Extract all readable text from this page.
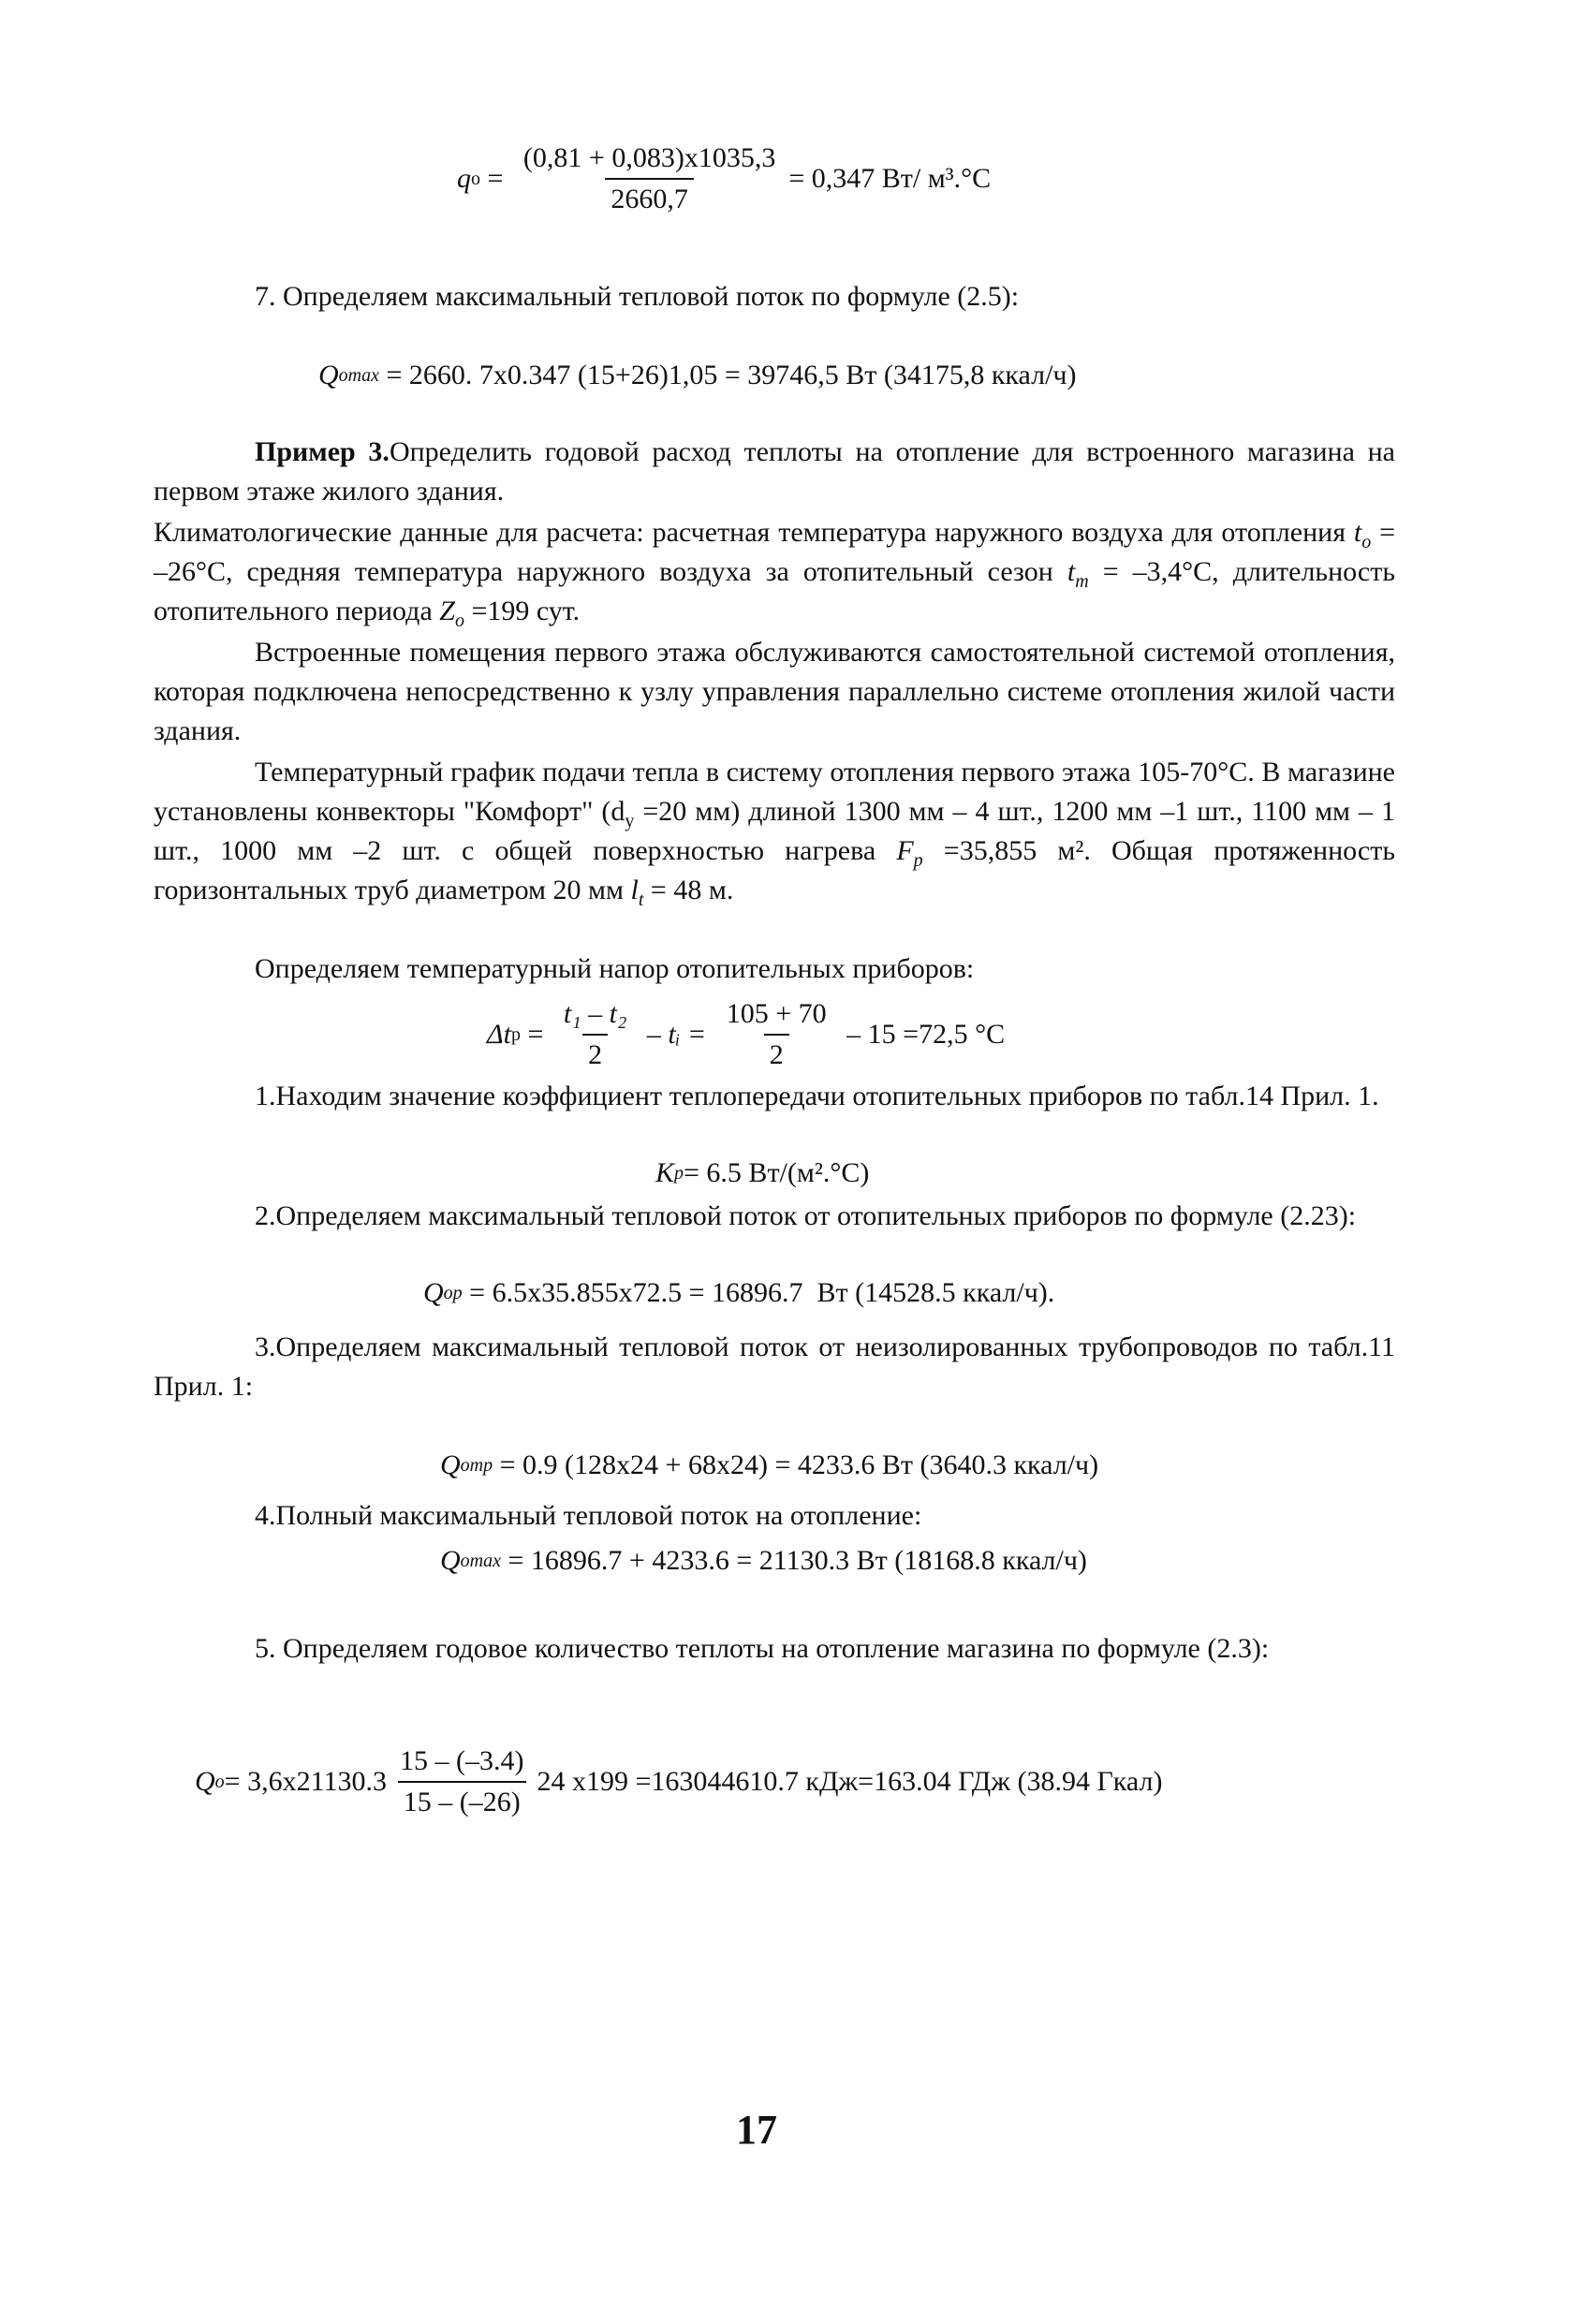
q $o = \frac{(0,81 + 0,083)x1035,3}{2660,7} = 0,347$ Вт/ м³.°С
7. Определяем максимальный тепловой поток по формуле (2.5):
Q omax = 2660. 7х0.347 (15+26)1,05 = 39746,5 Вт (34175,8 ккал/ч)
Пример 3.Определить годовой расход теплоты на отопление для встроенного магазина на первом этаже жилого здания.
Климатологические данные для расчета: расчетная температура наружного воздуха для отопления $t_o = -26^\circ С$, средняя температура наружного воздуха за отопительный сезон $t_m = -3,4^\circ С$, длительность отопительного периода $Z_o =199$ сут.
Встроенные помещения первого этажа обслуживаются самостоятельной системой отопления, которая подключена непосредственно к узлу управления параллельно системе отопления жилой части здания.
Температурный график подачи тепла в систему отопления первого этажа 105-70°С. В магазине установлены конвекторы "Комфорт" ($d_y =20$ мм) длиной 1300 мм – 4 шт., 1200 мм –1 шт., 1100 мм – 1 шт., 1000 мм –2 шт. с общей поверхностью нагрева $F_p =35,855$ м². Общая протяженность горизонтальных труб диаметром 20 мм $l_t = 48$ м.
Определяем температурный напор отопительных приборов:
Δt $p = \frac{\text{t₁ – t₂}}{2}$ – tᵢ = $\frac{105 + 70}{2} - 15 =72,5$ °С
1.Находим значение коэффициент теплопередачи отопительных приборов по табл.14 Прил. 1.
K p = 6.5 Вт/(м².°С)
2.Определяем максимальный тепловой поток от отопительных приборов по формуле (2.23):
Q op = 6.5х35.855х72.5 = 16896.7  Вт (14528.5 ккал/ч).
3.Определяем максимальный тепловой поток от неизолированных трубопроводов по табл.11 Прил. 1:
Q omp = 0.9 (128х24 + 68х24) = 4233.6 Вт (3640.3 ккал/ч)
4.Полный максимальный тепловой поток на отопление:
Q omax = 16896.7 + 4233.6 = 21130.3 Вт (18168.8 ккал/ч)
5. Определяем годовое количество теплоты на отопление магазина по формуле (2.3):
Q $o = 3,6х21130.3 \frac{15 - (-3.4)}{15 - (-26)} 24$ х199 =163044610.7 кДж=163.04 ГДж (38.94 Гкал)
17
